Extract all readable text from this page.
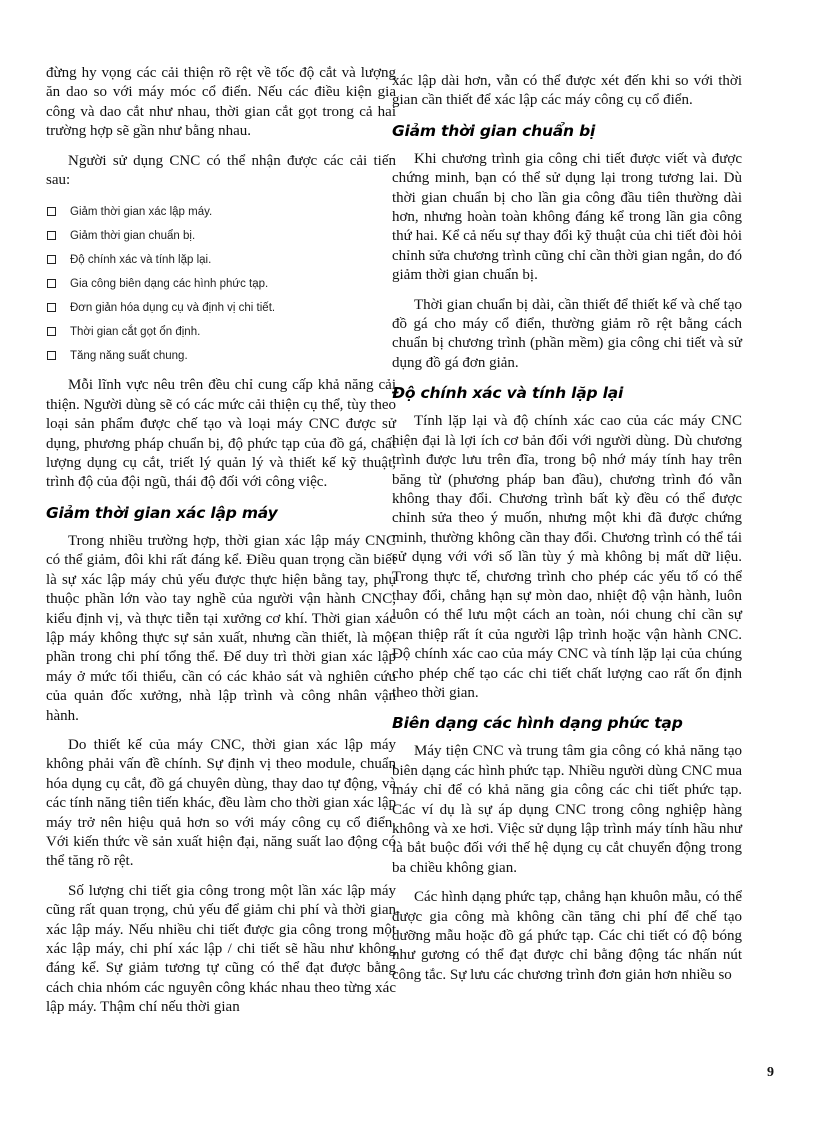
đừng hy vọng các cải thiện rõ rệt về tốc độ cắt và lượng ăn dao so với máy móc cổ điển. Nếu các điều kiện gia công và dao cắt như nhau, thời gian cắt gọt trong cả hai trường hợp sẽ gần như bằng nhau.

Người sử dụng CNC có thể nhận được các cải tiến sau:

Giảm thời gian xác lập máy.
Giảm thời gian chuẩn bị.
Độ chính xác và tính lặp lại.
Gia công biên dạng các hình phức tạp.
Đơn giản hóa dụng cụ và định vị chi tiết.
Thời gian cắt gọt ổn định.
Tăng năng suất chung.

Mỗi lĩnh vực nêu trên đều chỉ cung cấp khả năng cải thiện. Người dùng sẽ có các mức cải thiện cụ thể, tùy theo loại sản phẩm được chế tạo và loại máy CNC được sử dụng, phương pháp chuẩn bị, độ phức tạp của đồ gá, chất lượng dụng cụ cắt, triết lý quản lý và thiết kế kỹ thuật, trình độ của đội ngũ, thái độ đối với công việc.

Giảm thời gian xác lập máy

Trong nhiều trường hợp, thời gian xác lập máy CNC có thể giảm, đôi khi rất đáng kể. Điều quan trọng cần biết là sự xác lập máy chủ yếu được thực hiện bằng tay, phụ thuộc phần lớn vào tay nghề của người vận hành CNC, kiểu định vị, và thực tiễn tại xưởng cơ khí. Thời gian xác lập máy không thực sự sản xuất, nhưng cần thiết, là một phần trong chi phí tổng thể. Để duy trì thời gian xác lập máy ở mức tối thiểu, cần có các khảo sát và nghiên cứu của quản đốc xưởng, nhà lập trình và công nhân vận hành.

Do thiết kế của máy CNC, thời gian xác lập máy không phải vấn đề chính. Sự định vị theo module, chuẩn hóa dụng cụ cắt, đồ gá chuyên dùng, thay dao tự động, và các tính năng tiên tiến khác, đều làm cho thời gian xác lập máy trở nên hiệu quả hơn so với máy công cụ cổ điển. Với kiến thức về sản xuất hiện đại, năng suất lao động có thể tăng rõ rệt.

Số lượng chi tiết gia công trong một lần xác lập máy cũng rất quan trọng, chủ yếu để giảm chi phí và thời gian xác lập máy. Nếu nhiều chi tiết được gia công trong một xác lập máy, chi phí xác lập / chi tiết sẽ hầu như không đáng kể. Sự giảm tương tự cũng có thể đạt được bằng cách chia nhóm các nguyên công khác nhau theo từng xác lập máy. Thậm chí nếu thời gian

xác lập dài hơn, vẫn có thể được xét đến khi so với thời gian cần thiết để xác lập các máy công cụ cổ điển.

Giảm thời gian chuẩn bị

Khi chương trình gia công chi tiết được viết và được chứng minh, bạn có thể sử dụng lại trong tương lai. Dù thời gian chuẩn bị cho lần gia công đầu tiên thường dài hơn, nhưng hoàn toàn không đáng kể trong lần gia công thứ hai. Kể cả nếu sự thay đổi kỹ thuật của chi tiết đòi hỏi chỉnh sửa chương trình cũng chỉ cần thời gian ngắn, do đó giảm thời gian chuẩn bị.

Thời gian chuẩn bị dài, cần thiết để thiết kế và chế tạo đồ gá cho máy cổ điển, thường giảm rõ rệt bằng cách chuẩn bị chương trình (phần mềm) gia công chi tiết và sử dụng đồ gá đơn giản.

Độ chính xác và tính lặp lại

Tính lặp lại và độ chính xác cao của các máy CNC hiện đại là lợi ích cơ bản đối với người dùng. Dù chương trình được lưu trên đĩa, trong bộ nhớ máy tính hay trên băng từ (phương pháp ban đầu), chương trình đó vẫn không thay đổi. Chương trình bất kỳ đều có thể được chỉnh sửa theo ý muốn, nhưng một khi đã được chứng minh, thường không cần thay đổi. Chương trình có thể tái sử dụng với với số lần tùy ý mà không bị mất dữ liệu. Trong thực tế, chương trình cho phép các yếu tố có thể thay đổi, chẳng hạn sự mòn dao, nhiệt độ vận hành, luôn luôn có thể lưu một cách an toàn, nói chung chỉ cần sự can thiệp rất ít của người lập trình hoặc vận hành CNC. Độ chính xác cao của máy CNC và tính lặp lại của chúng cho phép chế tạo các chi tiết chất lượng cao rất ổn định theo thời gian.

Biên dạng các hình dạng phức tạp

Máy tiện CNC và trung tâm gia công có khả năng tạo biên dạng các hình phức tạp. Nhiều người dùng CNC mua máy chỉ để có khả năng gia công các chi tiết phức tạp. Các ví dụ là sự áp dụng CNC trong công nghiệp hàng không và xe hơi. Việc sử dụng lập trình máy tính hầu như là bắt buộc đối với thế hệ dụng cụ cắt chuyển động trong ba chiều không gian.

Các hình dạng phức tạp, chẳng hạn khuôn mẫu, có thể được gia công mà không cần tăng chi phí để chế tạo dưỡng mẫu hoặc đồ gá phức tạp. Các chi tiết có độ bóng như gương có thể đạt được chỉ bằng động tác nhấn nút công tắc. Sự lưu các chương trình đơn giản hơn nhiều so

9
